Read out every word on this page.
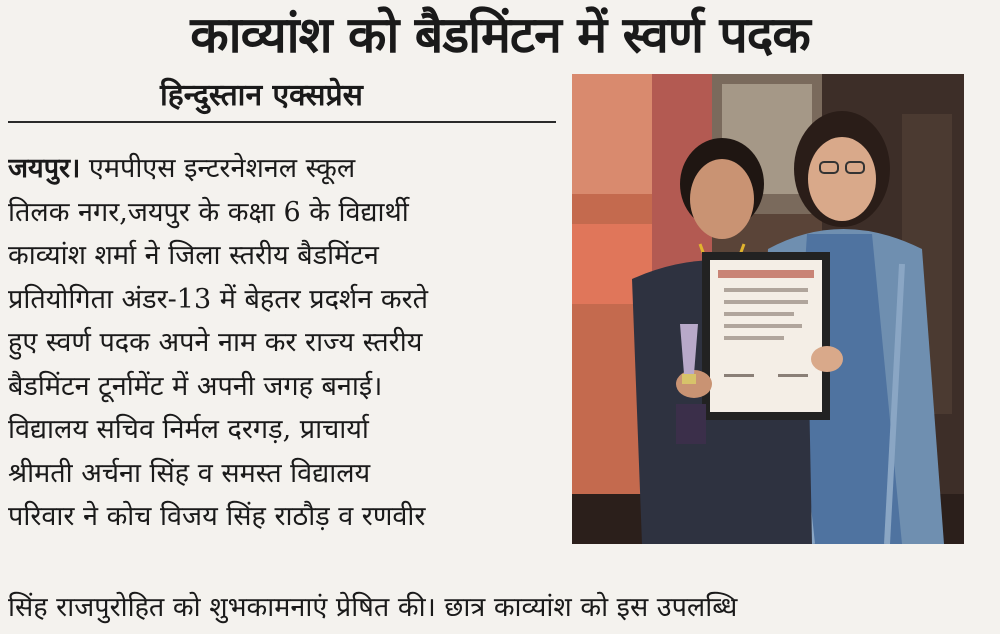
काव्यांश को बैडमिंटन में स्वर्ण पदक
हिन्दुस्तान एक्सप्रेस
जयपुर। एमपीएस इन्टरनेशनल स्कूल
तिलक नगर,जयपुर के कक्षा 6 के विद्यार्थी
काव्यांश शर्मा ने जिला स्तरीय बैडमिंटन
प्रतियोगिता अंडर-13 में बेहतर प्रदर्शन करते
हुए स्वर्ण पदक अपने नाम कर राज्य स्तरीय
बैडमिंटन टूर्नामेंट में अपनी जगह बनाई।
विद्यालय सचिव निर्मल दरगड़, प्राचार्या
श्रीमती अर्चना सिंह व समस्त विद्यालय
परिवार ने कोच विजय सिंह राठौड़ व रणवीर
सिंह राजपुरोहित को शुभकामनाएं प्रेषित की। छात्र काव्यांश को इस उपलब्धि
